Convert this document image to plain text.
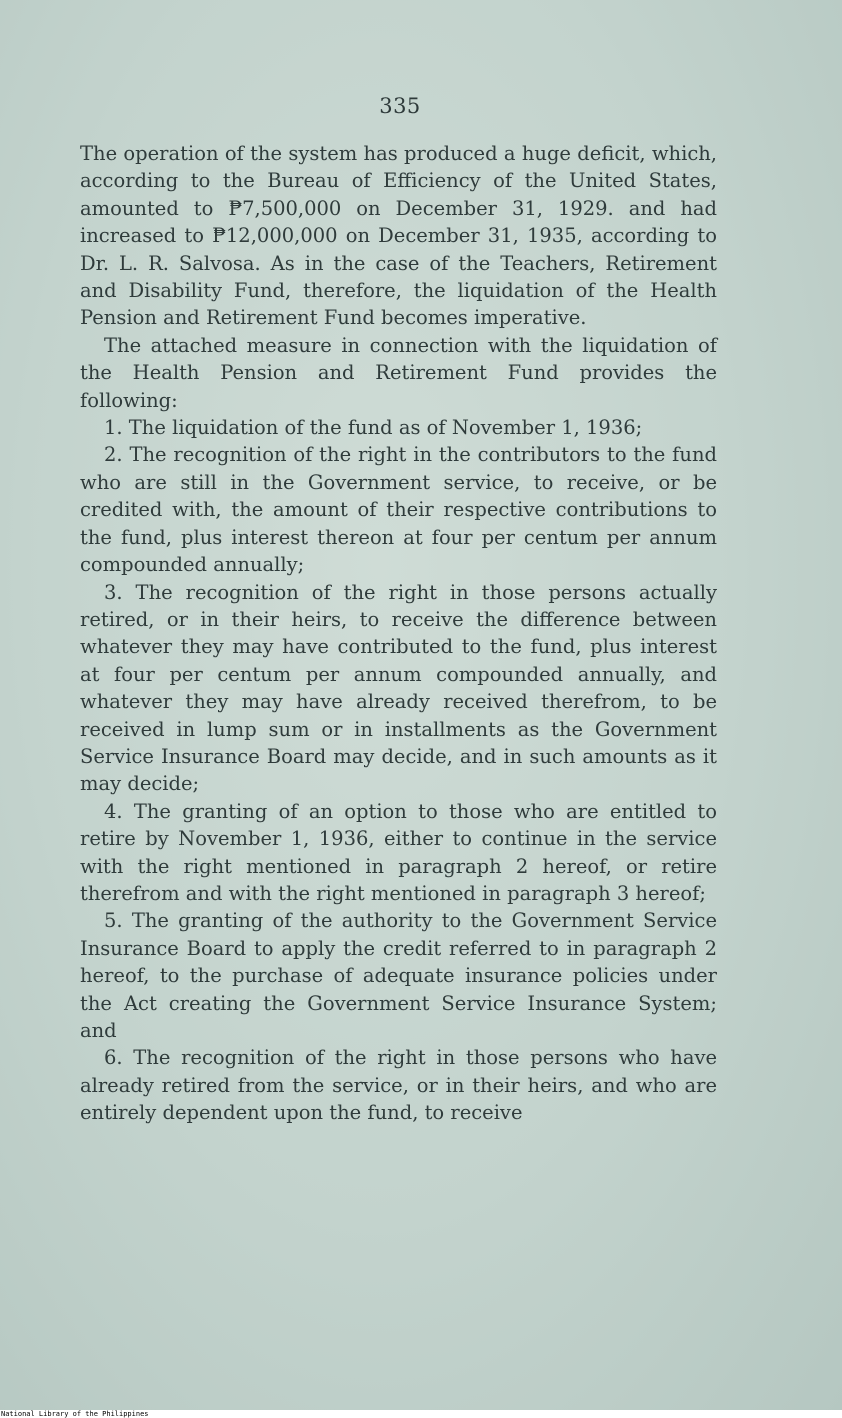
335

The operation of the system has produced a huge deficit, which, according to the Bureau of Efficiency of the United States, amounted to ₱7,500,000 on December 31, 1929. and had increased to ₱12,000,000 on December 31, 1935, according to Dr. L. R. Salvosa. As in the case of the Teachers, Retirement and Disability Fund, therefore, the liquidation of the Health Pension and Retirement Fund becomes imperative.

The attached measure in connection with the liquidation of the Health Pension and Retirement Fund provides the following:

1. The liquidation of the fund as of November 1, 1936;

2. The recognition of the right in the contributors to the fund who are still in the Government service, to receive, or be credited with, the amount of their respective contributions to the fund, plus interest thereon at four per centum per annum compounded annually;

3. The recognition of the right in those persons actually retired, or in their heirs, to receive the difference between whatever they may have contributed to the fund, plus interest at four per centum per annum compounded annually, and whatever they may have already received therefrom, to be received in lump sum or in installments as the Government Service Insurance Board may decide, and in such amounts as it may decide;

4. The granting of an option to those who are entitled to retire by November 1, 1936, either to continue in the service with the right mentioned in paragraph 2 hereof, or retire therefrom and with the right mentioned in paragraph 3 hereof;

5. The granting of the authority to the Government Service Insurance Board to apply the credit referred to in paragraph 2 hereof, to the purchase of adequate insurance policies under the Act creating the Government Service Insurance System; and

6. The recognition of the right in those persons who have already retired from the service, or in their heirs, and who are entirely dependent upon the fund, to receive

National Library of the Philippines
